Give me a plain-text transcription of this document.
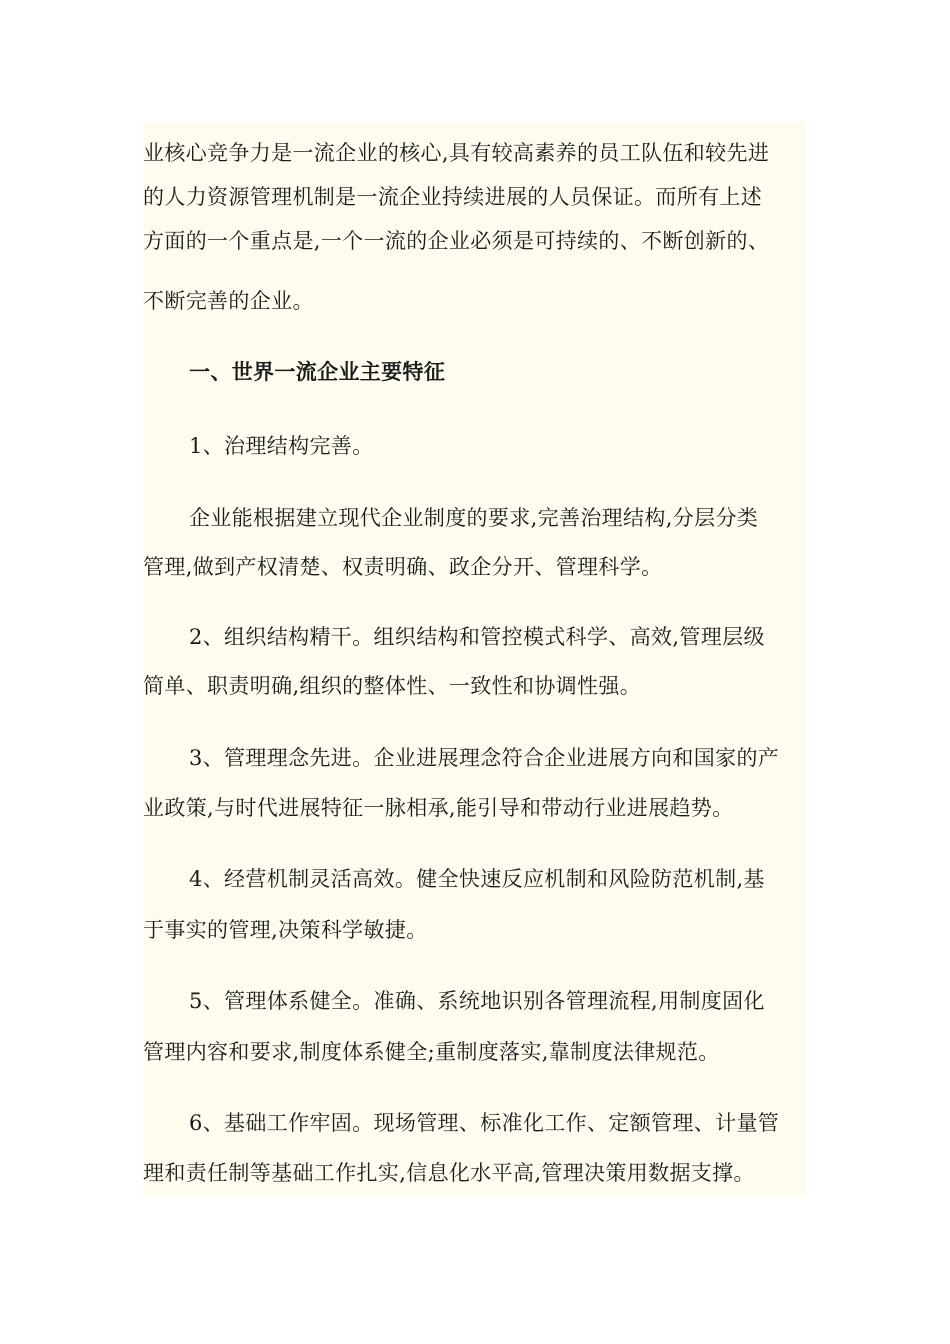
业核心竞争力是一流企业的核心,具有较高素养的员工队伍和较先进
的人力资源管理机制是一流企业持续进展的人员保证。而所有上述
方面的一个重点是,一个一流的企业必须是可持续的、不断创新的、
不断完善的企业。
一、世界一流企业主要特征
1、治理结构完善。
企业能根据建立现代企业制度的要求,完善治理结构,分层分类
管理,做到产权清楚、权责明确、政企分开、管理科学。
2、组织结构精干。组织结构和管控模式科学、高效,管理层级
简单、职责明确,组织的整体性、一致性和协调性强。
3、管理理念先进。企业进展理念符合企业进展方向和国家的产
业政策,与时代进展特征一脉相承,能引导和带动行业进展趋势。
4、经营机制灵活高效。健全快速反应机制和风险防范机制,基
于事实的管理,决策科学敏捷。
5、管理体系健全。准确、系统地识别各管理流程,用制度固化
管理内容和要求,制度体系健全;重制度落实,靠制度法律规范。
6、基础工作牢固。现场管理、标准化工作、定额管理、计量管
理和责任制等基础工作扎实,信息化水平高,管理决策用数据支撑。
